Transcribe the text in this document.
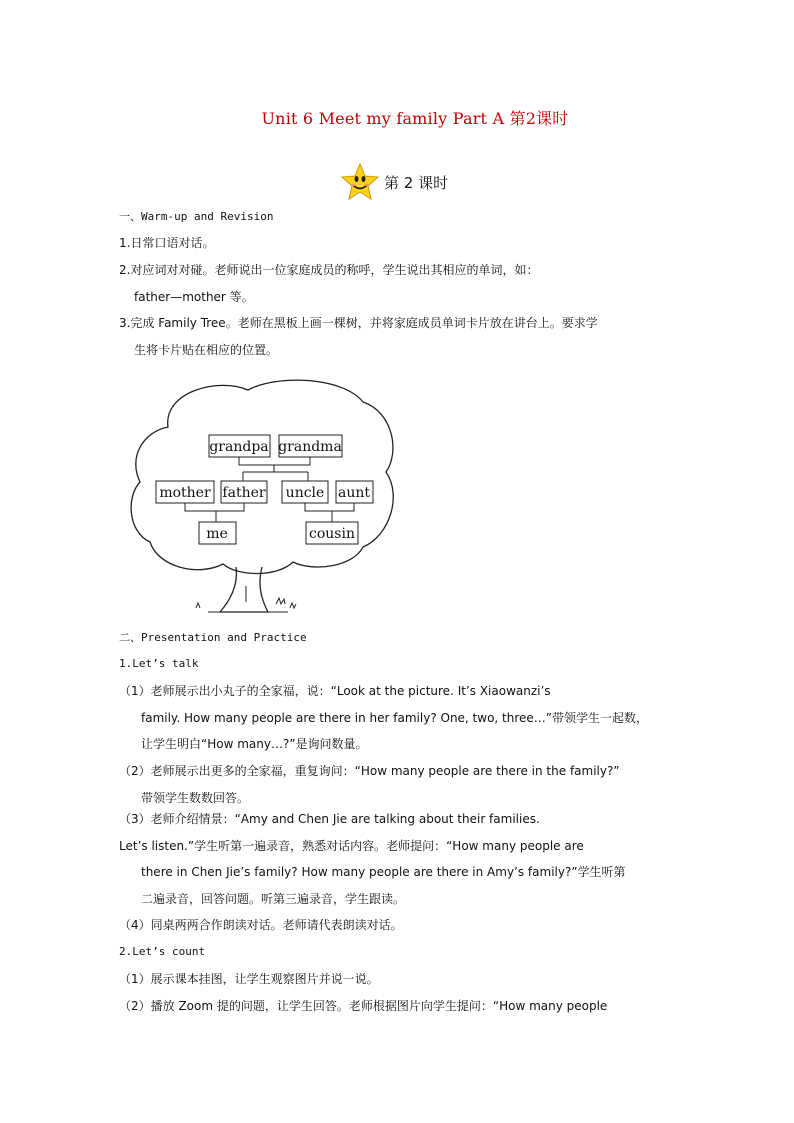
Unit 6 Meet my family Part A 第2课时
第 2 课时
一、Warm-up and Revision
1.日常口语对话。
2.对应词对对碰。老师说出一位家庭成员的称呼，学生说出其相应的单词，如：
father—mother 等。
3.完成 Family Tree。老师在黑板上画一棵树，并将家庭成员单词卡片放在讲台上。要求学
生将卡片贴在相应的位置。
grandpa grandma
mother father uncle aunt
me	cousin
二、Presentation and Practice
1.Let’s talk
（1）老师展示出小丸子的全家福，说：“Look at the picture. It’s Xiaowanzi’s
family. How many people are there in her family? One, two, three…”带领学生一起数，
让学生明白“How many…?”是询问数量。
（2）老师展示出更多的全家福，重复询问：“How many people are there in the family?”
带领学生数数回答。
（3）老师介绍情景：“Amy and Chen Jie are talking about their families.
Let’s listen.”学生听第一遍录音，熟悉对话内容。老师提问：“How many people are
there in Chen Jie’s family? How many people are there in Amy’s family?”学生听第
二遍录音，回答问题。听第三遍录音，学生跟读。
（4）同桌两两合作朗读对话。老师请代表朗读对话。
2.Let’s count
（1）展示课本挂图，让学生观察图片并说一说。
（2）播放 Zoom 提的问题，让学生回答。老师根据图片向学生提问：“How many people
